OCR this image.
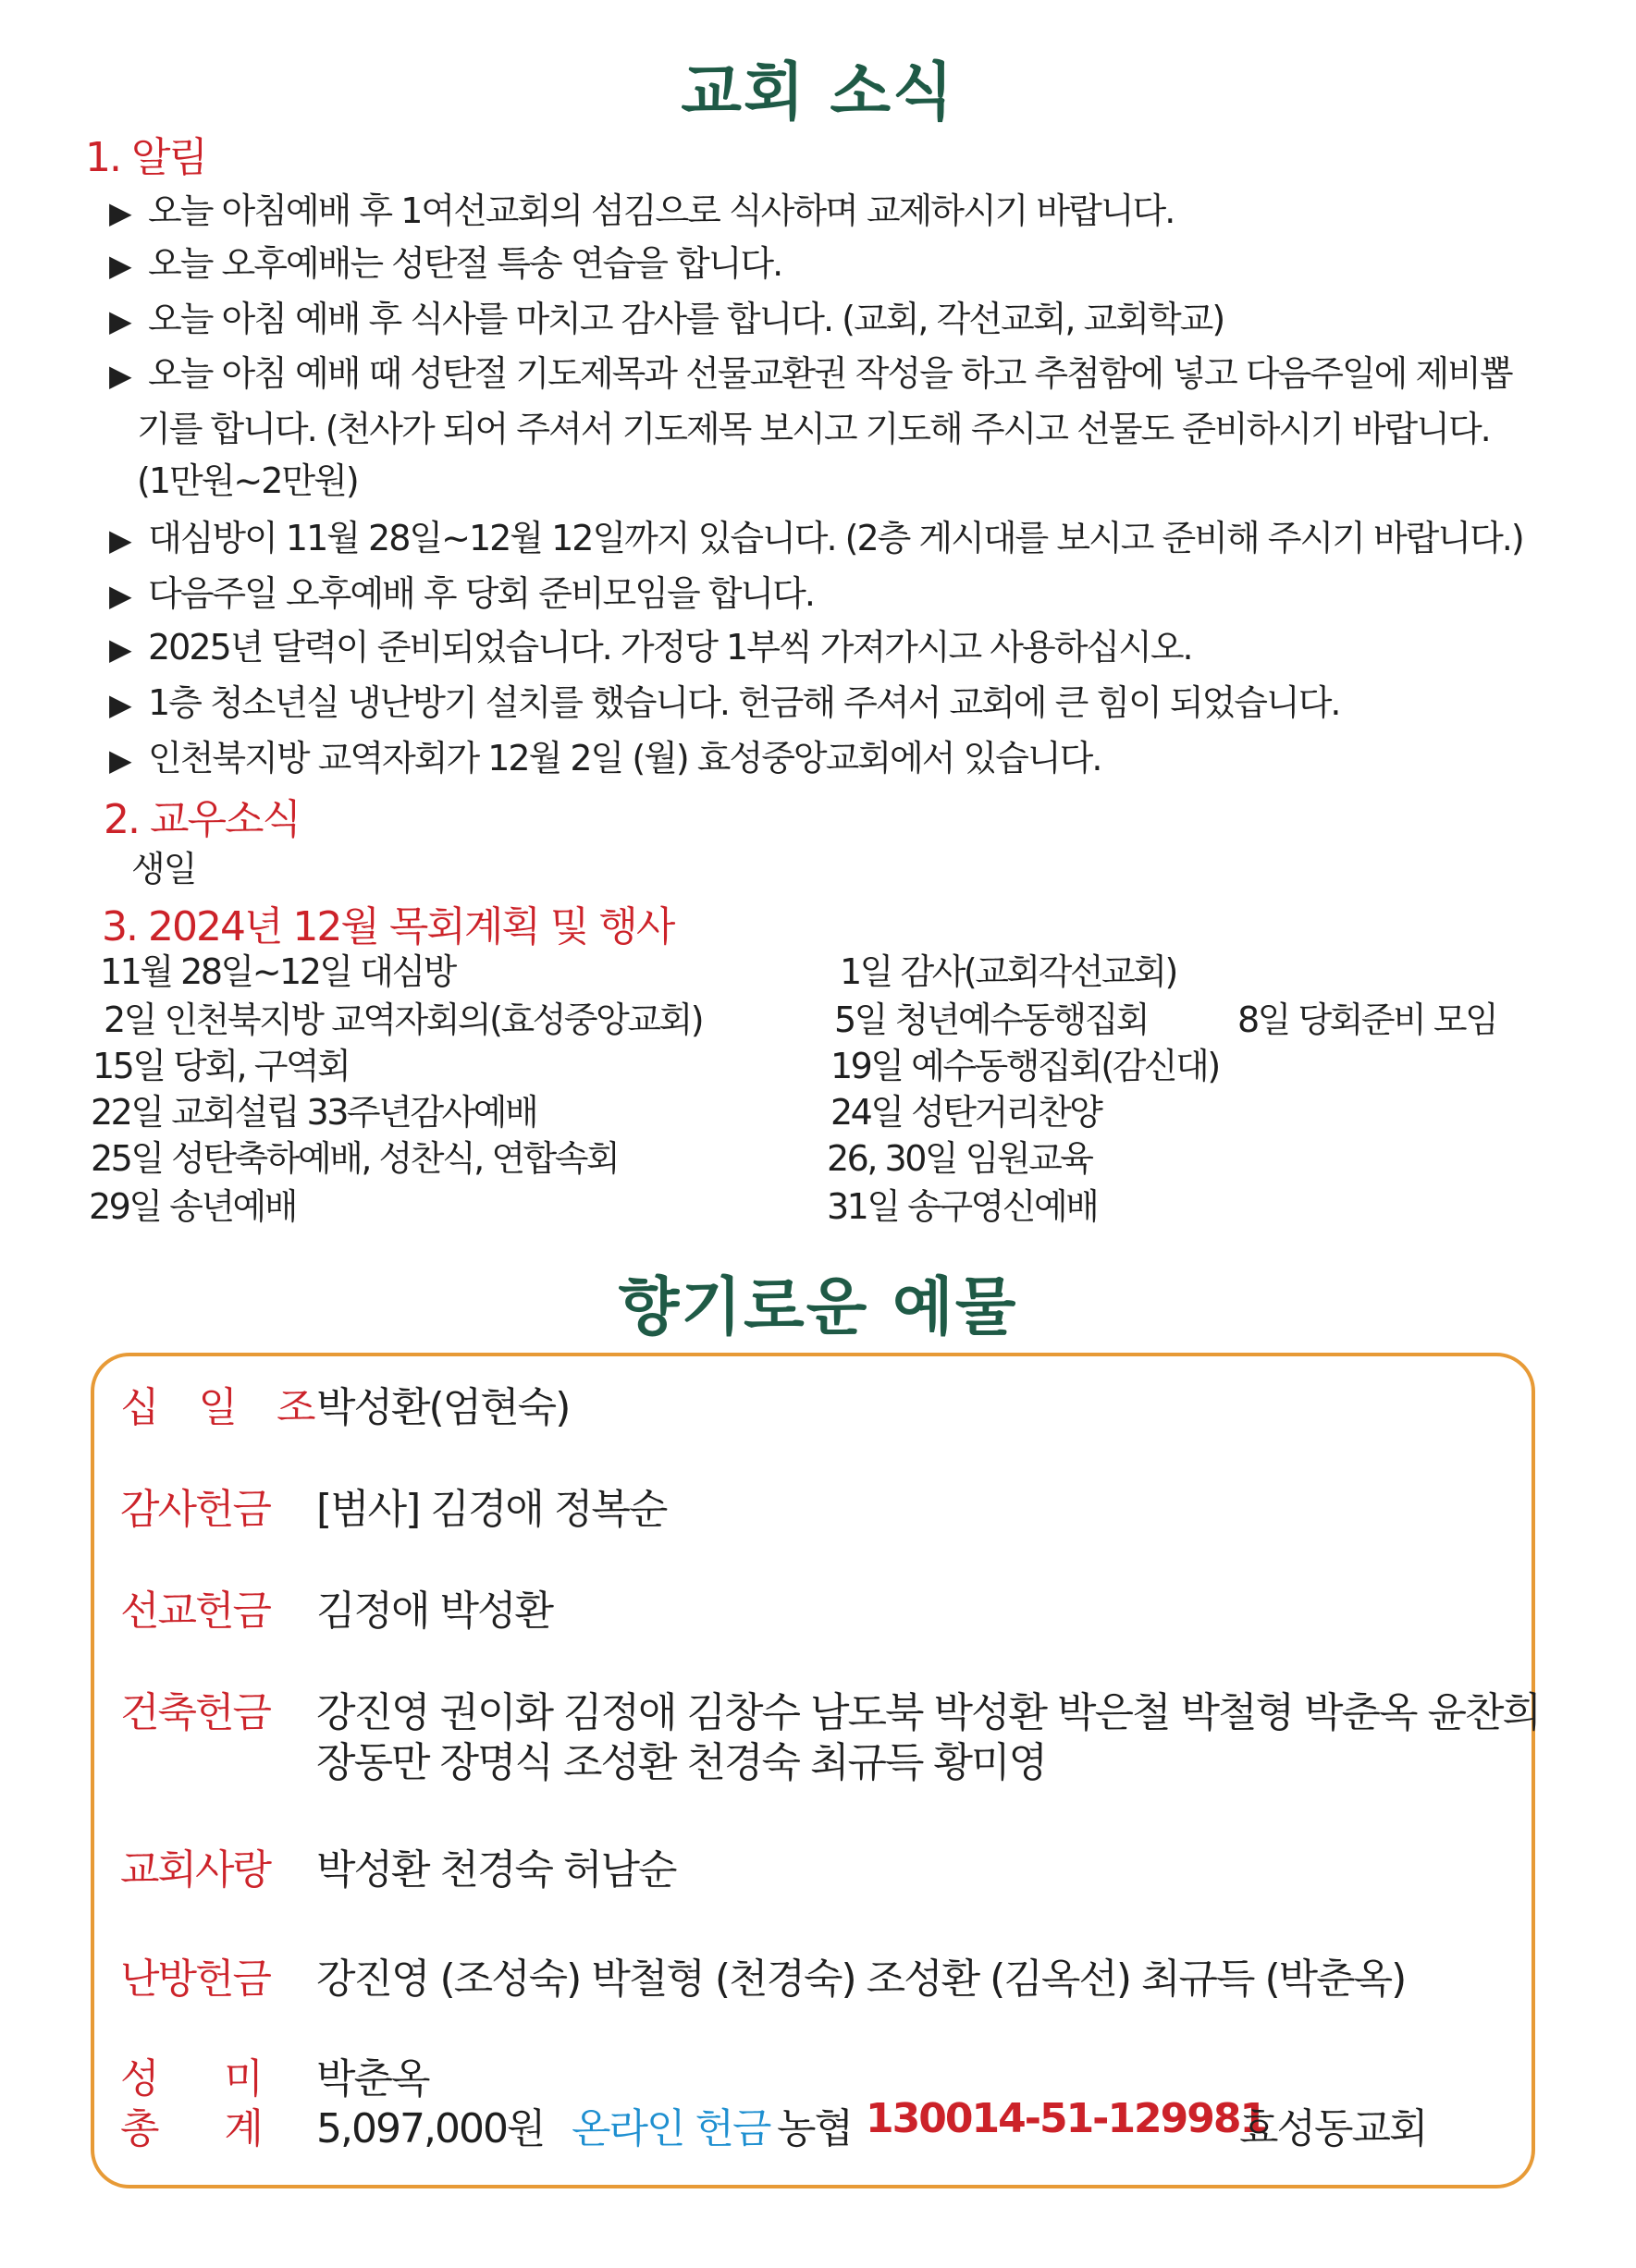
교회 소식
1. 알림
▶ 오늘 아침예배 후 1여선교회의 섬김으로 식사하며 교제하시기 바랍니다.
▶ 오늘 오후예배는 성탄절 특송 연습을 합니다.
▶ 오늘 아침 예배 후 식사를 마치고 감사를 합니다. (교회, 각선교회, 교회학교)
▶ 오늘 아침 예배 때 성탄절 기도제목과 선물교환권 작성을 하고 추첨함에 넣고 다음주일에 제비뽑
기를 합니다. (천사가 되어 주셔서 기도제목 보시고 기도해 주시고 선물도 준비하시기 바랍니다.
(1만원~2만원)
▶ 대심방이 11월 28일~12월 12일까지 있습니다. (2층 게시대를 보시고 준비해 주시기 바랍니다.)
▶ 다음주일 오후예배 후 당회 준비모임을 합니다.
▶ 2025년 달력이 준비되었습니다. 가정당 1부씩 가져가시고 사용하십시오.
▶ 1층 청소년실 냉난방기 설치를 했습니다. 헌금해 주셔서 교회에 큰 힘이 되었습니다.
▶ 인천북지방 교역자회가 12월 2일 (월) 효성중앙교회에서 있습니다.
2. 교우소식
생일
3. 2024년 12월 목회계획 및 행사
11월 28일~12일 대심방
2일 인천북지방 교역자회의(효성중앙교회)
15일 당회, 구역회
22일 교회설립 33주년감사예배
25일 성탄축하예배, 성찬식, 연합속회
29일 송년예배
1일 감사(교회각선교회)
5일 청년예수동행집회	8일 당회준비 모임
19일 예수동행집회(감신대)
24일 성탄거리찬양
26, 30일 임원교육
31일 송구영신예배
향기로운 예물
십 일 조
박성환(엄현숙)
감사헌금 [범사] 김경애 정복순
선교헌금 김정애 박성환
건축헌금 강진영 권이화 김정애 김창수 남도북 박성환 박은철 박철형 박춘옥 윤찬희
장동만 장명식 조성환 천경숙 최규득 황미영
교회사랑 박성환 천경숙 허남순
난방헌금 강진영 (조성숙) 박철형 (천경숙) 조성환 (김옥선) 최규득 (박춘옥)
성      미 박춘옥
총      계 5,097,000원 온라인 헌금 농협 130014-51-129981
효성동교회
